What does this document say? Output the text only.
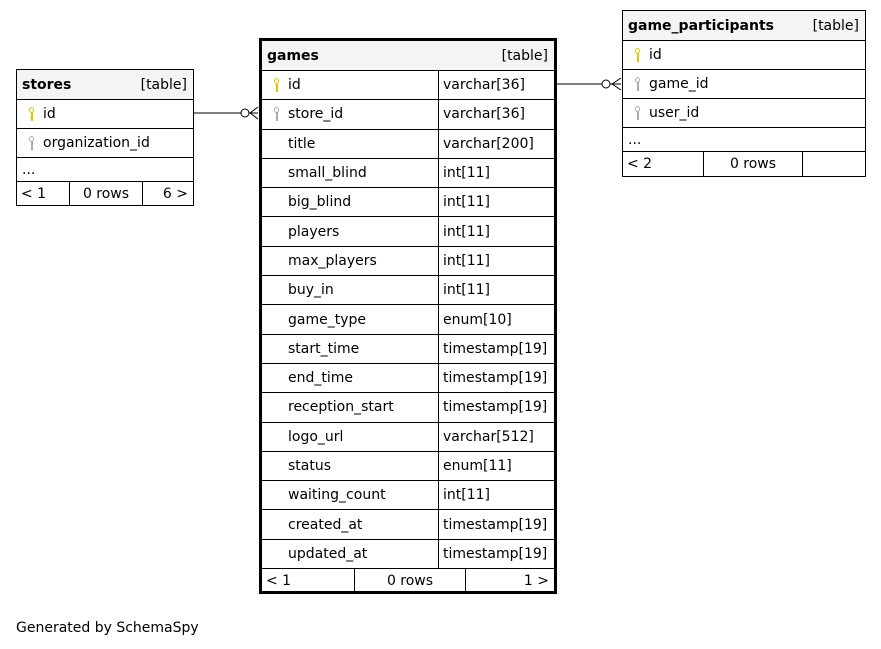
stores	[table]
id
organization_id
...
< 1	0 rows	6 >
games	[table]
id	varchar[36]
store_id	varchar[36]
title	varchar[200]
small_blind	int[11]
big_blind	int[11]
players	int[11]
max_players	int[11]
buy_in	int[11]
game_type	enum[10]
start_time	timestamp[19]
end_time	timestamp[19]
reception_start	timestamp[19]
logo_url	varchar[512]
status	enum[11]
waiting_count	int[11]
created_at	timestamp[19]
updated_at	timestamp[19]
< 1	0 rows	1 >
game_participants	[table]
id
game_id
user_id
...
< 2	0 rows
Generated by SchemaSpy
